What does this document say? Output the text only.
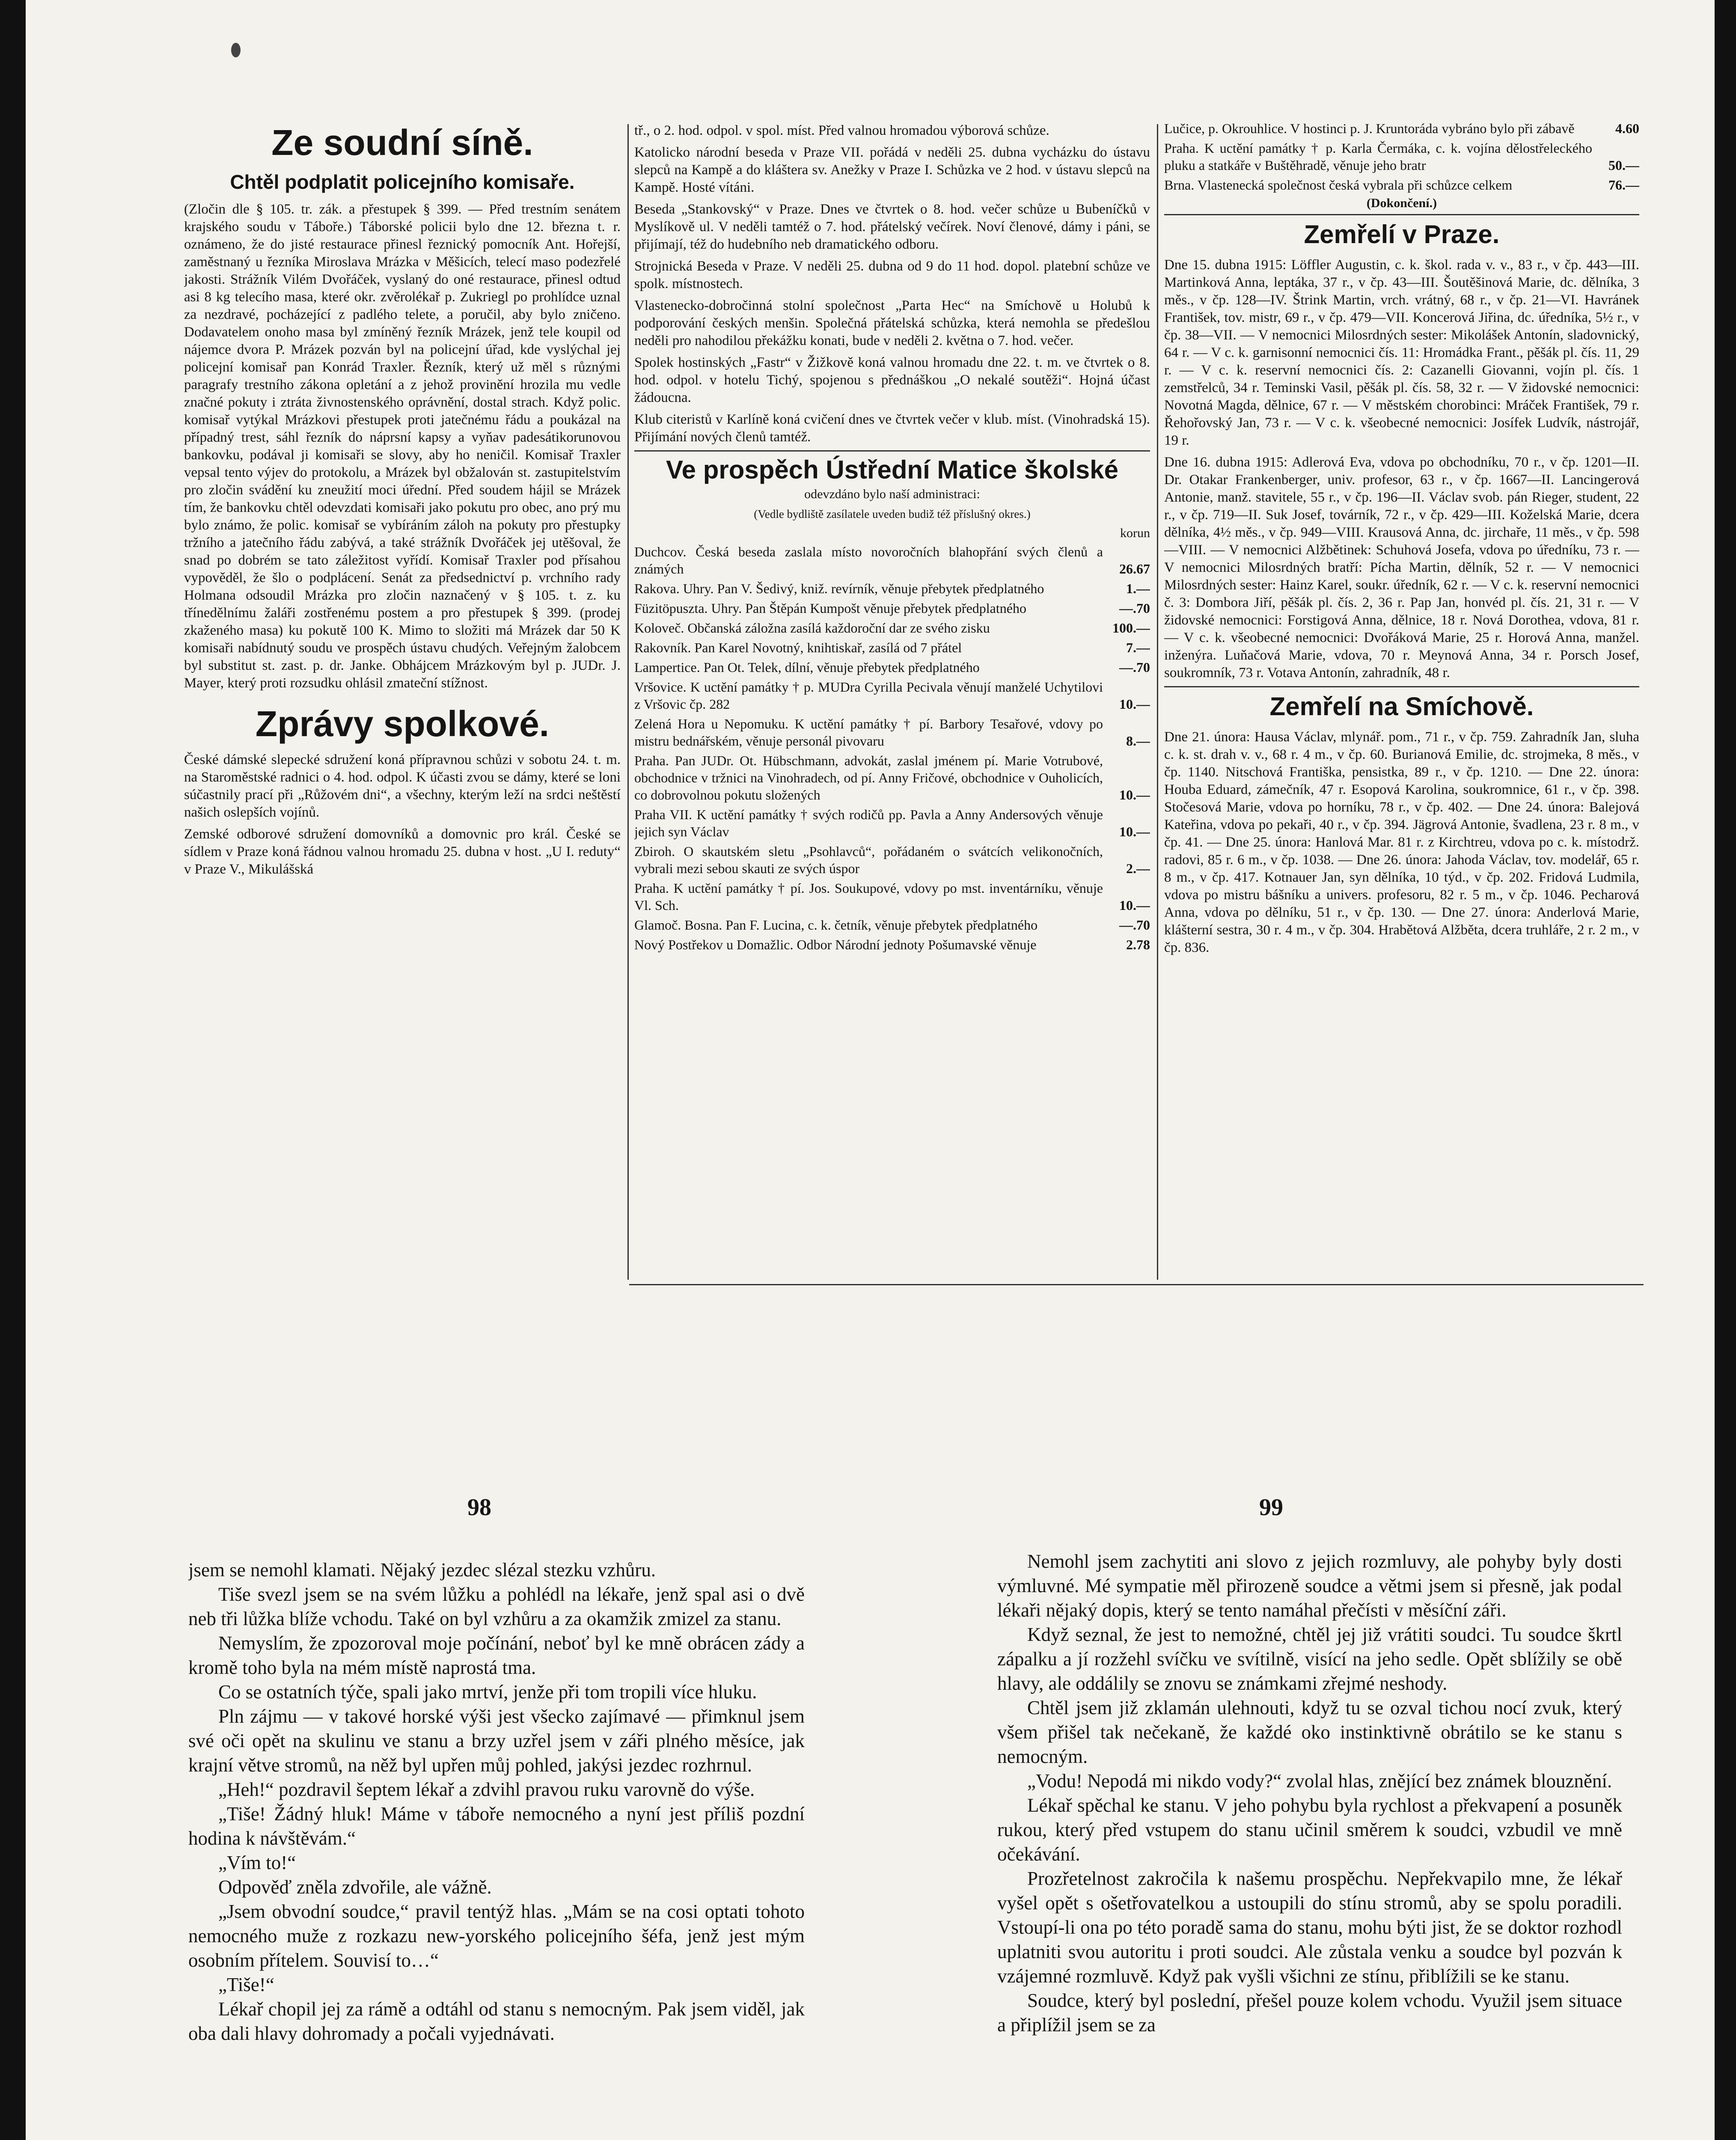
Ze soudní síně.
Chtěl podplatit policejního komisaře.

(Zločin dle § 105. tr. zák. a přestupek § 399. — Před trestním senátem krajského soudu v Táboře.) Táborské policii bylo dne 12. března t. r. oznámeno, že do jisté restaurace přinesl řeznický pomocník Ant. Hořejší, zaměstnaný u řezníka Miroslava Mrázka v Měšicích, telecí maso podezřelé jakosti. Strážník Vilém Dvořáček, vyslaný do oné restaurace, přinesl odtud asi 8 kg telecího masa, které okr. zvěrolékař p. Zukriegl po prohlídce uznal za nezdravé, pocházející z padlého telete, a poručil, aby bylo zničeno. Dodavatelem onoho masa byl zmíněný řezník Mrázek, jenž tele koupil od nájemce dvora P. Mrázek pozván byl na policejní úřad, kde vyslýchal jej policejní komisař pan Konrád Traxler. Řezník, který už měl s různými paragrafy trestního zákona opletání a z jehož provinění hrozila mu vedle značné pokuty i ztráta živnostenského oprávnění, dostal strach. Když polic. komisař vytýkal Mrázkovi přestupek proti jatečnému řádu a poukázal na případný trest, sáhl řezník do náprsní kapsy a vyňav padesátikorunovou bankovku, podával ji komisaři se slovy, aby ho neničil. Komisař Traxler vepsal tento výjev do protokolu, a Mrázek byl obžalován st. zastupitelstvím pro zločin svádění ku zneužití moci úřední. Před soudem hájil se Mrázek tím, že bankovku chtěl odevzdati komisaři jako pokutu pro obec, ano prý mu bylo známo, že polic. komisař se vybíráním záloh na pokuty pro přestupky tržního a jatečního řádu zabývá, a také strážník Dvořáček jej utěšoval, že snad po dobrém se tato záležitost vyřídí. Komisař Traxler pod přísahou vypověděl, že šlo o podplácení. Senát za předsednictví p. vrchního rady Holmana odsoudil Mrázka pro zločin naznačený v § 105. t. z. ku třínedělnímu žaláři zostřenému postem a pro přestupek § 399. (prodej zkaženého masa) ku pokutě 100 K. Mimo to složiti má Mrázek dar 50 K komisaři nabídnutý soudu ve prospěch ústavu chudých. Veřejným žalobcem byl substitut st. zast. p. dr. Janke. Obhájcem Mrázkovým byl p. JUDr. J. Mayer, který proti rozsudku ohlásil zmateční stížnost.

Zprávy spolkové.

České dámské slepecké sdružení koná přípravnou schůzi v sobotu 24. t. m. na Staroměstské radnici o 4. hod. odpol. K účasti zvou se dámy, které se loni súčastnily prací při „Růžovém dni“, a všechny, kterým leží na srdci neštěstí našich oslepších vojínů.

Zemské odborové sdružení domovníků a domovnic pro král. České se sídlem v Praze koná řádnou valnou hromadu 25. dubna v host. „U I. reduty“ v Praze V., Mikulášská

tř., o 2. hod. odpol. v spol. míst. Před valnou hromadou výborová schůze.

Katolicko národní beseda v Praze VII. pořádá v neděli 25. dubna vycházku do ústavu slepců na Kampě a do kláštera sv. Anežky v Praze I. Schůzka ve 2 hod. v ústavu slepců na Kampě. Hosté vítáni.

Beseda „Stankovský“ v Praze. Dnes ve čtvrtek o 8. hod. večer schůze u Bubeníčků v Myslíkově ul. V neděli tamtéž o 7. hod. přátelský večírek. Noví členové, dámy i páni, se přijímají, též do hudebního neb dramatického odboru.

Strojnická Beseda v Praze. V neděli 25. dubna od 9 do 11 hod. dopol. platební schůze ve spolk. místnostech.

Vlastenecko-dobročinná stolní společnost „Parta Hec“ na Smíchově u Holubů k podporování českých menšin. Společná přátelská schůzka, která nemohla se předešlou neděli pro nahodilou překážku konati, bude v neděli 2. května o 7. hod. večer.

Spolek hostinských „Fastr“ v Žižkově koná valnou hromadu dne 22. t. m. ve čtvrtek o 8. hod. odpol. v hotelu Tichý, spojenou s přednáškou „O nekalé soutěži“. Hojná účast žádoucna.

Klub citeristů v Karlíně koná cvičení dnes ve čtvrtek večer v klub. míst. (Vinohradská 15). Přijímání nových členů tamtéž.

Ve prospěch Ústřední Matice školské
odevzdáno bylo naší administraci:
(Vedle bydliště zasílatele uveden budiž též příslušný okres.)
korun
Duchcov. Česká beseda zaslala místo novoročních blahopřání svých členů a známých	26.67
Rakova. Uhry. Pan V. Šedivý, kniž. revírník, věnuje přebytek předplatného	1.—
Füzitöpuszta. Uhry. Pan Štěpán Kumpošt věnuje přebytek předplatného	—.70
Koloveč. Občanská záložna zasílá každoroční dar ze svého zisku	100.—
Rakovník. Pan Karel Novotný, knihtiskař, zasílá od 7 přátel	7.—
Lampertice. Pan Ot. Telek, dílní, věnuje přebytek předplatného	—.70
Vršovice. K uctění památky † p. MUDra Cyrilla Pecivala věnují manželé Uchytilovi z Vršovic čp. 282	10.—
Zelená Hora u Nepomuku. K uctění památky † pí. Barbory Tesařové, vdovy po mistru bednářském, věnuje personál pivovaru	8.—
Praha. Pan JUDr. Ot. Hübschmann, advokát, zaslal jménem pí. Marie Votrubové, obchodnice v tržnici na Vinohradech, od pí. Anny Fričové, obchodnice v Ouholicích, co dobrovolnou pokutu složených	10.—
Praha VII. K uctění památky † svých rodičů pp. Pavla a Anny Andersových věnuje jejich syn Václav	10.—
Zbiroh. O skautském sletu „Psohlavců“, pořádaném o svátcích velikonočních, vybrali mezi sebou skauti ze svých úspor	2.—
Praha. K uctění památky † pí. Jos. Soukupové, vdovy po mst. inventárníku, věnuje Vl. Sch.	10.—
Glamoč. Bosna. Pan F. Lucina, c. k. četník, věnuje přebytek předplatného	—.70
Nový Postřekov u Domažlic. Odbor Národní jednoty Pošumavské věnuje	2.78
Lučice, p. Okrouhlice. V hostinci p. J. Kruntoráda vybráno bylo při zábavě	4.60
Praha. K uctění památky † p. Karla Čermáka, c. k. vojína dělostřeleckého pluku a statkáře v Buštěhradě, věnuje jeho bratr	50.—
Brna. Vlastenecká společnost česká vybrala při schůzce celkem	76.—
(Dokončení.)
Zemřelí v Praze.

Dne 15. dubna 1915: Löffler Augustin, c. k. škol. rada v. v., 83 r., v čp. 443—III. Martinková Anna, leptáka, 37 r., v čp. 43—III. Šoutěšinová Marie, dc. dělníka, 3 měs., v čp. 128—IV. Štrink Martin, vrch. vrátný, 68 r., v čp. 21—VI. Havránek František, tov. mistr, 69 r., v čp. 479—VII. Koncerová Jiřina, dc. úředníka, 5½ r., v čp. 38—VII. — V nemocnici Milosrdných sester: Mikolášek Antonín, sladovnický, 64 r. — V c. k. garnisonní nemocnici čís. 11: Hromádka Frant., pěšák pl. čís. 11, 29 r. — V c. k. reservní nemocnici čís. 2: Cazanelli Giovanni, vojín pl. čís. 1 zemstřelců, 34 r. Teminski Vasil, pěšák pl. čís. 58, 32 r. — V židovské nemocnici: Novotná Magda, dělnice, 67 r. — V městském chorobinci: Mráček František, 79 r. Řehořovský Jan, 73 r. — V c. k. všeobecné nemocnici: Josífek Ludvík, nástrojář, 19 r.

Dne 16. dubna 1915: Adlerová Eva, vdova po obchodníku, 70 r., v čp. 1201—II. Dr. Otakar Frankenberger, univ. profesor, 63 r., v čp. 1667—II. Lancingerová Antonie, manž. stavitele, 55 r., v čp. 196—II. Václav svob. pán Rieger, student, 22 r., v čp. 719—II. Suk Josef, továrník, 72 r., v čp. 429—III. Koželská Marie, dcera dělníka, 4½ měs., v čp. 949—VIII. Krausová Anna, dc. jirchaře, 11 měs., v čp. 598—VIII. — V nemocnici Alžbětinek: Schuhová Josefa, vdova po úředníku, 73 r. — V nemocnici Milosrdných bratří: Pícha Martin, dělník, 52 r. — V nemocnici Milosrdných sester: Hainz Karel, soukr. úředník, 62 r. — V c. k. reservní nemocnici č. 3: Dombora Jiří, pěšák pl. čís. 2, 36 r. Pap Jan, honvéd pl. čís. 21, 31 r. — V židovské nemocnici: Forstigová Anna, dělnice, 18 r. Nová Dorothea, vdova, 81 r. — V c. k. všeobecné nemocnici: Dvořáková Marie, 25 r. Horová Anna, manžel. inženýra. Luňačová Marie, vdova, 70 r. Meynová Anna, 34 r. Porsch Josef, soukromník, 73 r. Votava Antonín, zahradník, 48 r.

Zemřelí na Smíchově.

Dne 21. února: Hausa Václav, mlynář. pom., 71 r., v čp. 759. Zahradník Jan, sluha c. k. st. drah v. v., 68 r. 4 m., v čp. 60. Burianová Emilie, dc. strojmeka, 8 měs., v čp. 1140. Nitschová Františka, pensistka, 89 r., v čp. 1210. — Dne 22. února: Houba Eduard, zámečník, 47 r. Esopová Karolina, soukromnice, 61 r., v čp. 398. Stočesová Marie, vdova po horníku, 78 r., v čp. 402. — Dne 24. února: Balejová Kateřina, vdova po pekaři, 40 r., v čp. 394. Jägrová Antonie, švadlena, 23 r. 8 m., v čp. 41. — Dne 25. února: Hanlová Mar. 81 r. z Kirchtreu, vdova po c. k. místodrž. radovi, 85 r. 6 m., v čp. 1038. — Dne 26. února: Jahoda Václav, tov. modelář, 65 r. 8 m., v čp. 417. Kotnauer Jan, syn dělníka, 10 týd., v čp. 202. Fridová Ludmila, vdova po mistru bášníku a univers. profesoru, 82 r. 5 m., v čp. 1046. Pecharová Anna, vdova po dělníku, 51 r., v čp. 130. — Dne 27. února: Anderlová Marie, klášterní sestra, 30 r. 4 m., v čp. 304. Hrabětová Alžběta, dcera truhláře, 2 r. 2 m., v čp. 836.

98	99

jsem se nemohl klamati. Nějaký jezdec slézal stezku vzhůru.

Tiše svezl jsem se na svém lůžku a pohlédl na lékaře, jenž spal asi o dvě neb tři lůžka blíže vchodu. Také on byl vzhůru a za okamžik zmizel za stanu.

Nemyslím, že zpozoroval moje počínání, neboť byl ke mně obrácen zády a kromě toho byla na mém místě naprostá tma.

Co se ostatních týče, spali jako mrtví, jenže při tom tropili více hluku.

Pln zájmu — v takové horské výši jest všecko zajímavé — přimknul jsem své oči opět na skulinu ve stanu a brzy uzřel jsem v záři plného měsíce, jak krajní větve stromů, na něž byl upřen můj pohled, jakýsi jezdec rozhrnul.

„Heh!“ pozdravil šeptem lékař a zdvihl pravou ruku varovně do výše.

„Tiše! Žádný hluk! Máme v táboře nemocného a nyní jest příliš pozdní hodina k návštěvám.“

„Vím to!“

Odpověď zněla zdvořile, ale vážně.

„Jsem obvodní soudce,“ pravil tentýž hlas. „Mám se na cosi optati tohoto nemocného muže z rozkazu new-yorského policejního šéfa, jenž jest mým osobním přítelem. Souvisí to…“

„Tiše!“

Lékař chopil jej za rámě a odtáhl od stanu s nemocným. Pak jsem viděl, jak oba dali hlavy dohromady a počali vyjednávati.

Nemohl jsem zachytiti ani slovo z jejich rozmluvy, ale pohyby byly dosti výmluvné. Mé sympatie měl přirozeně soudce a větmi jsem si přesně, jak podal lékaři nějaký dopis, který se tento namáhal přečísti v měsíční záři.

Když seznal, že jest to nemožné, chtěl jej již vrátiti soudci. Tu soudce škrtl zápalku a jí rozžehl svíčku ve svítilně, visící na jeho sedle. Opět sblížily se obě hlavy, ale oddálily se znovu se známkami zřejmé neshody.

Chtěl jsem již zklamán ulehnouti, když tu se ozval tichou nocí zvuk, který všem přišel tak nečekaně, že každé oko instinktivně obrátilo se ke stanu s nemocným.

„Vodu! Nepodá mi nikdo vody?“ zvolal hlas, znějící bez známek blouznění.

Lékař spěchal ke stanu. V jeho pohybu byla rychlost a překvapení a posuněk rukou, který před vstupem do stanu učinil směrem k soudci, vzbudil ve mně očekávání.

Prozřetelnost zakročila k našemu prospěchu. Nepřekvapilo mne, že lékař vyšel opět s ošetřovatelkou a ustoupili do stínu stromů, aby se spolu poradili. Vstoupí-li ona po této poradě sama do stanu, mohu býti jist, že se doktor rozhodl uplatniti svou autoritu i proti soudci. Ale zůstala venku a soudce byl pozván k vzájemné rozmluvě. Když pak vyšli všichni ze stínu, přiblížili se ke stanu.

Soudce, který byl poslední, přešel pouze kolem vchodu. Využil jsem situace a připlížil jsem se za
